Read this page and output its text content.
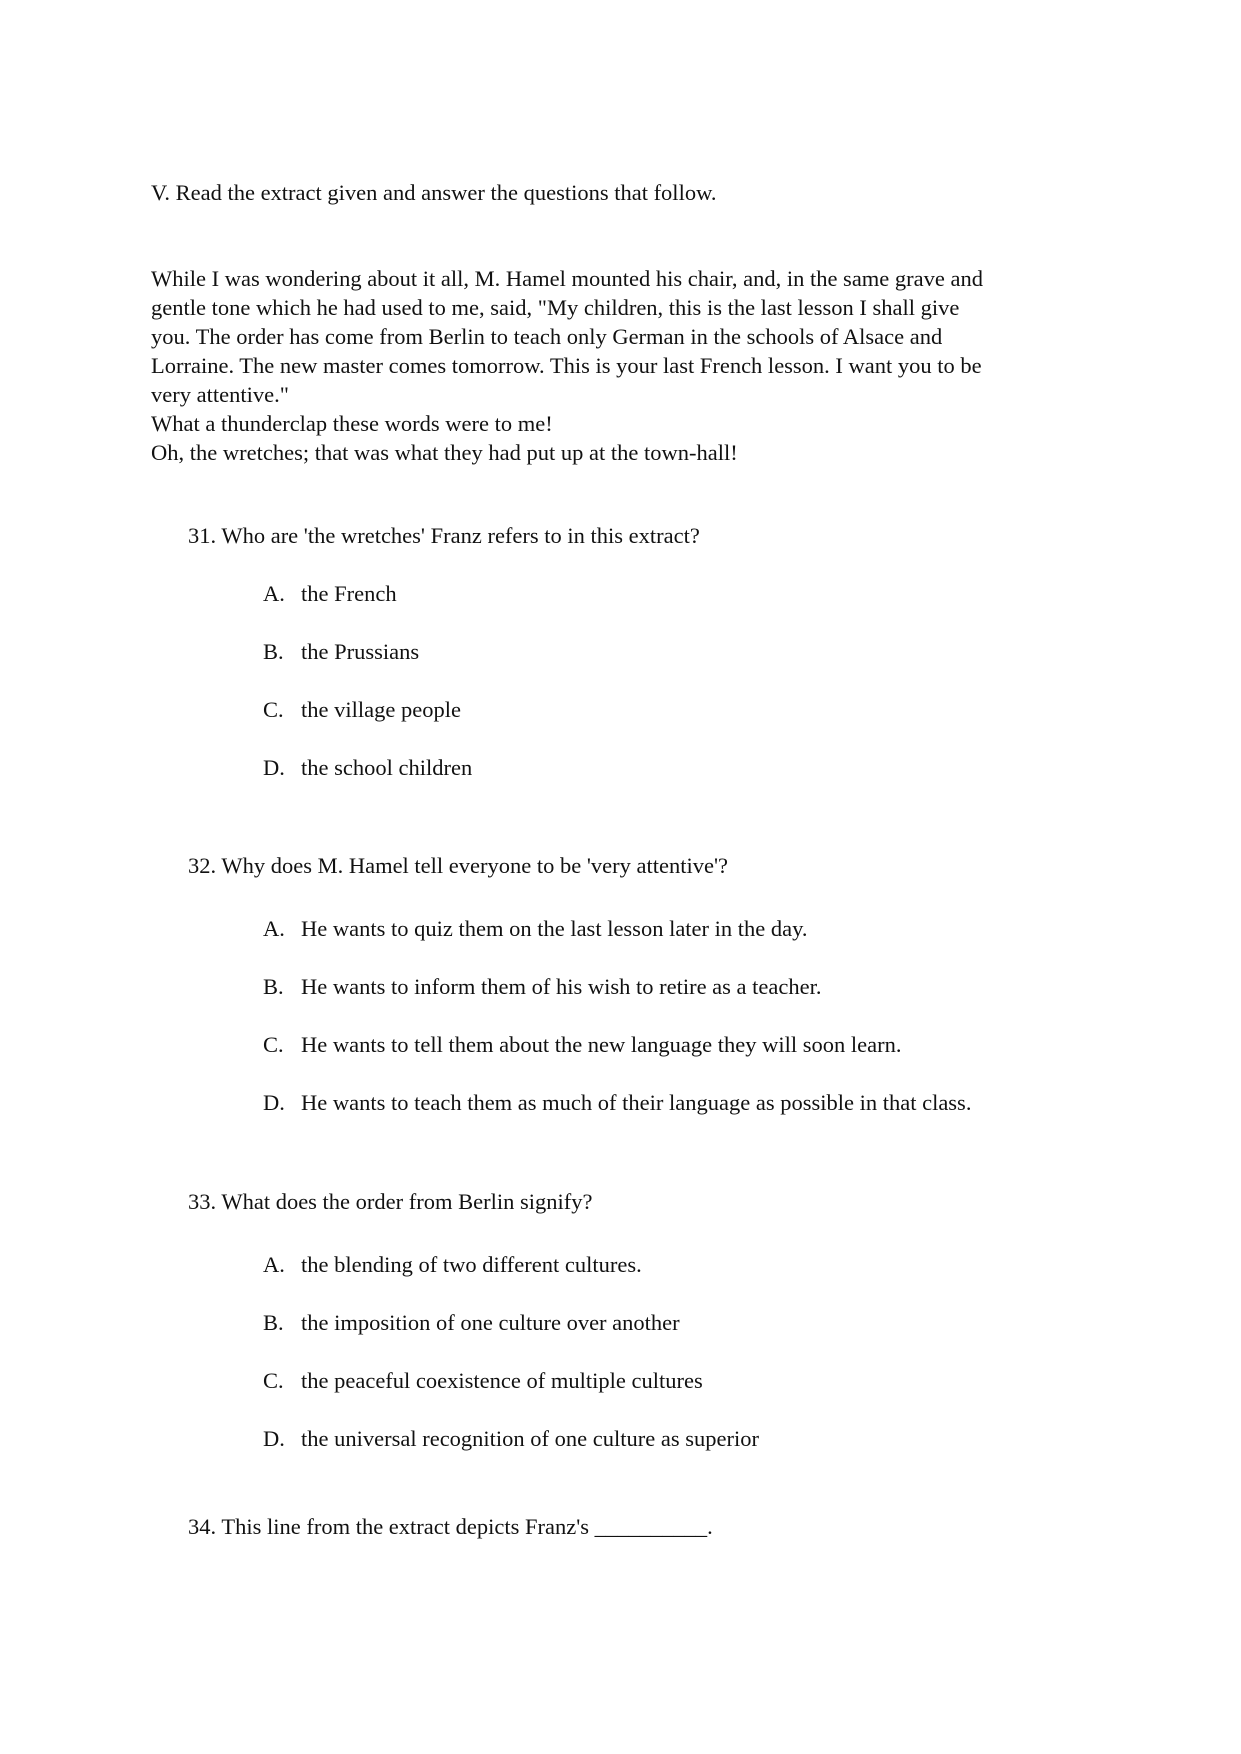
V. Read the extract given and answer the questions that follow.
While I was wondering about it all, M. Hamel mounted his chair, and, in the same grave and
gentle tone which he had used to me, said, "My children, this is the last lesson I shall give
you. The order has come from Berlin to teach only German in the schools of Alsace and
Lorraine. The new master comes tomorrow. This is your last French lesson. I want you to be
very attentive."
What a thunderclap these words were to me!
Oh, the wretches; that was what they had put up at the town-hall!
31. Who are 'the wretches' Franz refers to in this extract?
A. the French
B. the Prussians
C. the village people
D. the school children
32. Why does M. Hamel tell everyone to be 'very attentive'?
A. He wants to quiz them on the last lesson later in the day.
B. He wants to inform them of his wish to retire as a teacher.
C. He wants to tell them about the new language they will soon learn.
D. He wants to teach them as much of their language as possible in that class.
33. What does the order from Berlin signify?
A. the blending of two different cultures.
B. the imposition of one culture over another
C. the peaceful coexistence of multiple cultures
D. the universal recognition of one culture as superior
34. This line from the extract depicts Franz's __________.
